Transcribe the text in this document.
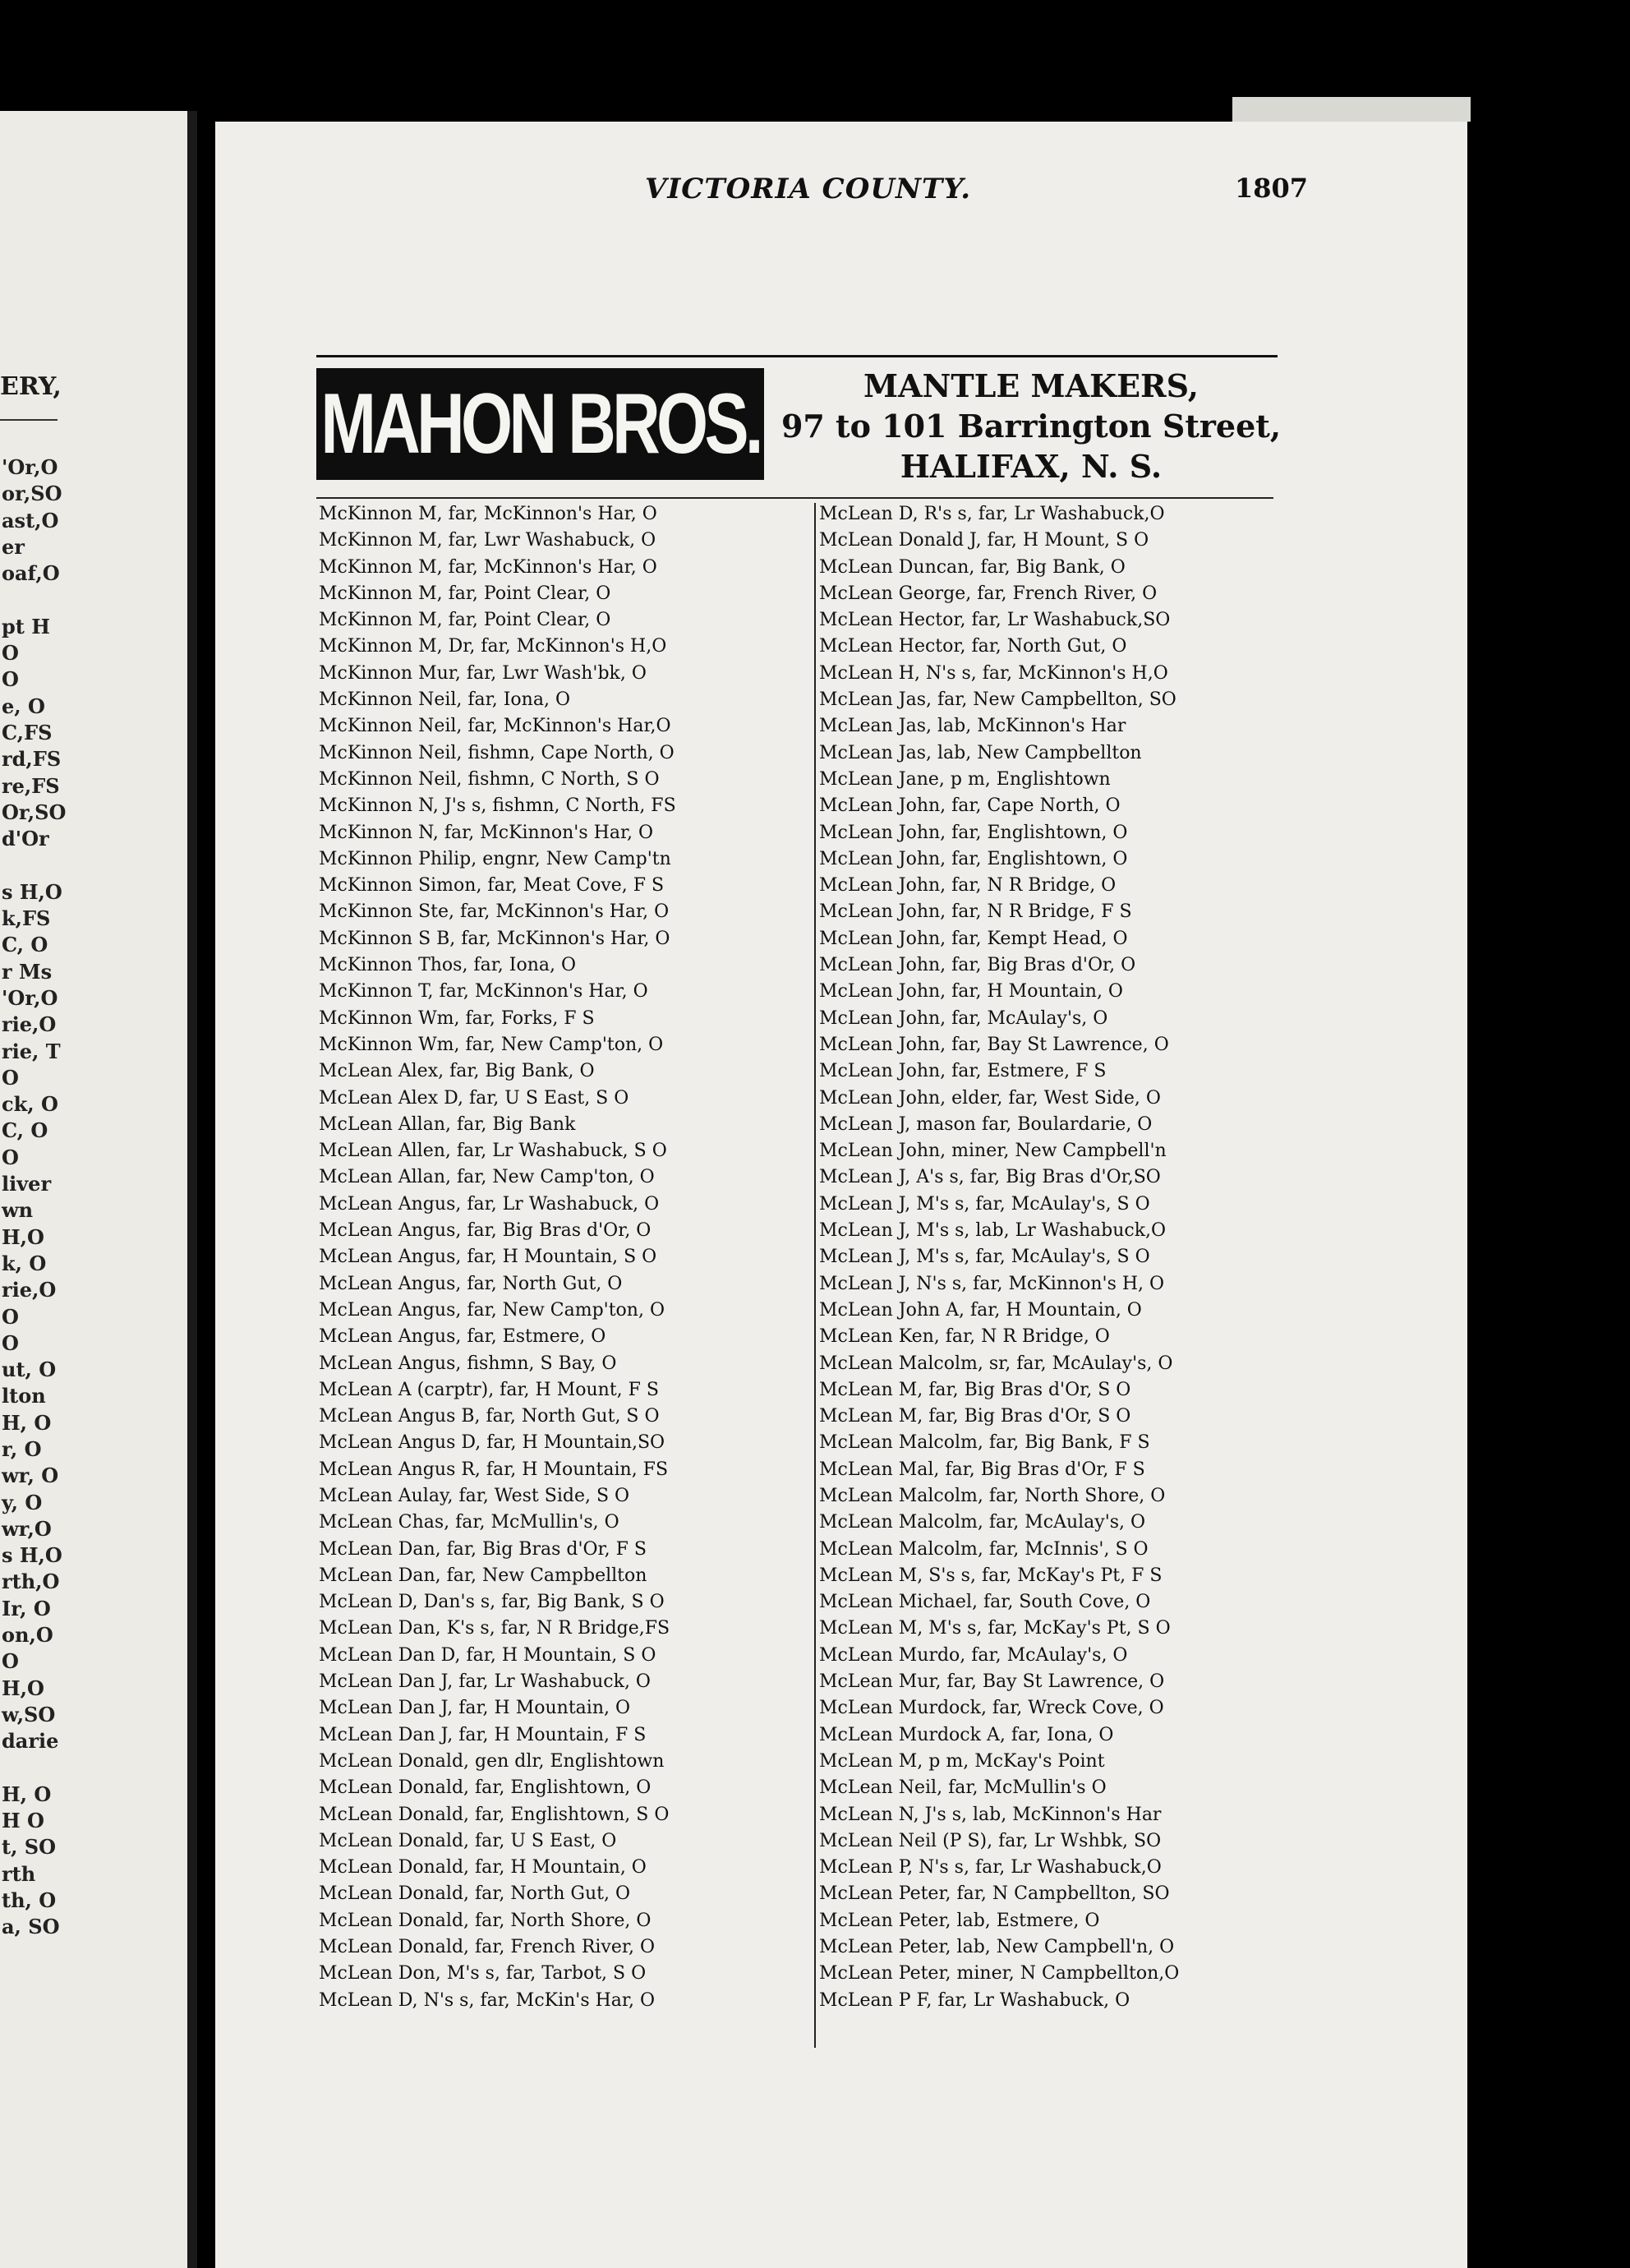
ERY,
'Or,O
or,SO
ast,O
er
oaf,O
pt H
O
O
e, O
C,FS
rd,FS
re,FS
Or,SO
d'Or
s H,O
k,FS
C, O
r Ms
'Or,O
rie,O
rie, T
O
ck, O
C, O
O
liver
wn
H,O
k, O
rie,O
O
O
ut, O
lton
H, O
r, O
wr, O
y, O
wr,O
s H,O
rth,O
Ir, O
on,O
O
H,O
w,SO
darie
H, O
H O
t, SO
rth
th, O
a, SO
VICTORIA COUNTY.	1807
MAHON BROS.	MANTLE MAKERS,
97 to 101 Barrington Street,
HALIFAX, N. S.
McKinnon M, far, McKinnon's Har, O
McKinnon M, far, Lwr Washabuck, O
McKinnon M, far, McKinnon's Har, O
McKinnon M, far, Point Clear, O
McKinnon M, far, Point Clear, O
McKinnon M, Dr, far, McKinnon's H,O
McKinnon Mur, far, Lwr Wash'bk, O
McKinnon Neil, far, Iona, O
McKinnon Neil, far, McKinnon's Har,O
McKinnon Neil, fishmn, Cape North, O
McKinnon Neil, fishmn, C North, S O
McKinnon N, J's s, fishmn, C North, FS
McKinnon N, far, McKinnon's Har, O
McKinnon Philip, engnr, New Camp'tn
McKinnon Simon, far, Meat Cove, F S
McKinnon Ste, far, McKinnon's Har, O
McKinnon S B, far, McKinnon's Har, O
McKinnon Thos, far, Iona, O
McKinnon T, far, McKinnon's Har, O
McKinnon Wm, far, Forks, F S
McKinnon Wm, far, New Camp'ton, O
McLean Alex, far, Big Bank, O
McLean Alex D, far, U S East, S O
McLean Allan, far, Big Bank
McLean Allen, far, Lr Washabuck, S O
McLean Allan, far, New Camp'ton, O
McLean Angus, far, Lr Washabuck, O
McLean Angus, far, Big Bras d'Or, O
McLean Angus, far, H Mountain, S O
McLean Angus, far, North Gut, O
McLean Angus, far, New Camp'ton, O
McLean Angus, far, Estmere, O
McLean Angus, fishmn, S Bay, O
McLean A (carptr), far, H Mount, F S
McLean Angus B, far, North Gut, S O
McLean Angus D, far, H Mountain,SO
McLean Angus R, far, H Mountain, FS
McLean Aulay, far, West Side, S O
McLean Chas, far, McMullin's, O
McLean Dan, far, Big Bras d'Or, F S
McLean Dan, far, New Campbellton
McLean D, Dan's s, far, Big Bank, S O
McLean Dan, K's s, far, N R Bridge,FS
McLean Dan D, far, H Mountain, S O
McLean Dan J, far, Lr Washabuck, O
McLean Dan J, far, H Mountain, O
McLean Dan J, far, H Mountain, F S
McLean Donald, gen dlr, Englishtown
McLean Donald, far, Englishtown, O
McLean Donald, far, Englishtown, S O
McLean Donald, far, U S East, O
McLean Donald, far, H Mountain, O
McLean Donald, far, North Gut, O
McLean Donald, far, North Shore, O
McLean Donald, far, French River, O
McLean Don, M's s, far, Tarbot, S O
McLean D, N's s, far, McKin's Har, O
McLean D, R's s, far, Lr Washabuck,O
McLean Donald J, far, H Mount, S O
McLean Duncan, far, Big Bank, O
McLean George, far, French River, O
McLean Hector, far, Lr Washabuck,SO
McLean Hector, far, North Gut, O
McLean H, N's s, far, McKinnon's H,O
McLean Jas, far, New Campbellton, SO
McLean Jas, lab, McKinnon's Har
McLean Jas, lab, New Campbellton
McLean Jane, p m, Englishtown
McLean John, far, Cape North, O
McLean John, far, Englishtown, O
McLean John, far, Englishtown, O
McLean John, far, N R Bridge, O
McLean John, far, N R Bridge, F S
McLean John, far, Kempt Head, O
McLean John, far, Big Bras d'Or, O
McLean John, far, H Mountain, O
McLean John, far, McAulay's, O
McLean John, far, Bay St Lawrence, O
McLean John, far, Estmere, F S
McLean John, elder, far, West Side, O
McLean J, mason far, Boulardarie, O
McLean John, miner, New Campbell'n
McLean J, A's s, far, Big Bras d'Or,SO
McLean J, M's s, far, McAulay's, S O
McLean J, M's s, lab, Lr Washabuck,O
McLean J, M's s, far, McAulay's, S O
McLean J, N's s, far, McKinnon's H, O
McLean John A, far, H Mountain, O
McLean Ken, far, N R Bridge, O
McLean Malcolm, sr, far, McAulay's, O
McLean M, far, Big Bras d'Or, S O
McLean M, far, Big Bras d'Or, S O
McLean Malcolm, far, Big Bank, F S
McLean Mal, far, Big Bras d'Or, F S
McLean Malcolm, far, North Shore, O
McLean Malcolm, far, McAulay's, O
McLean Malcolm, far, McInnis', S O
McLean M, S's s, far, McKay's Pt, F S
McLean Michael, far, South Cove, O
McLean M, M's s, far, McKay's Pt, S O
McLean Murdo, far, McAulay's, O
McLean Mur, far, Bay St Lawrence, O
McLean Murdock, far, Wreck Cove, O
McLean Murdock A, far, Iona, O
McLean M, p m, McKay's Point
McLean Neil, far, McMullin's O
McLean N, J's s, lab, McKinnon's Har
McLean Neil (P S), far, Lr Wshbk, SO
McLean P, N's s, far, Lr Washabuck,O
McLean Peter, far, N Campbellton, SO
McLean Peter, lab, Estmere, O
McLean Peter, lab, New Campbell'n, O
McLean Peter, miner, N Campbellton,O
McLean P F, far, Lr Washabuck, O
